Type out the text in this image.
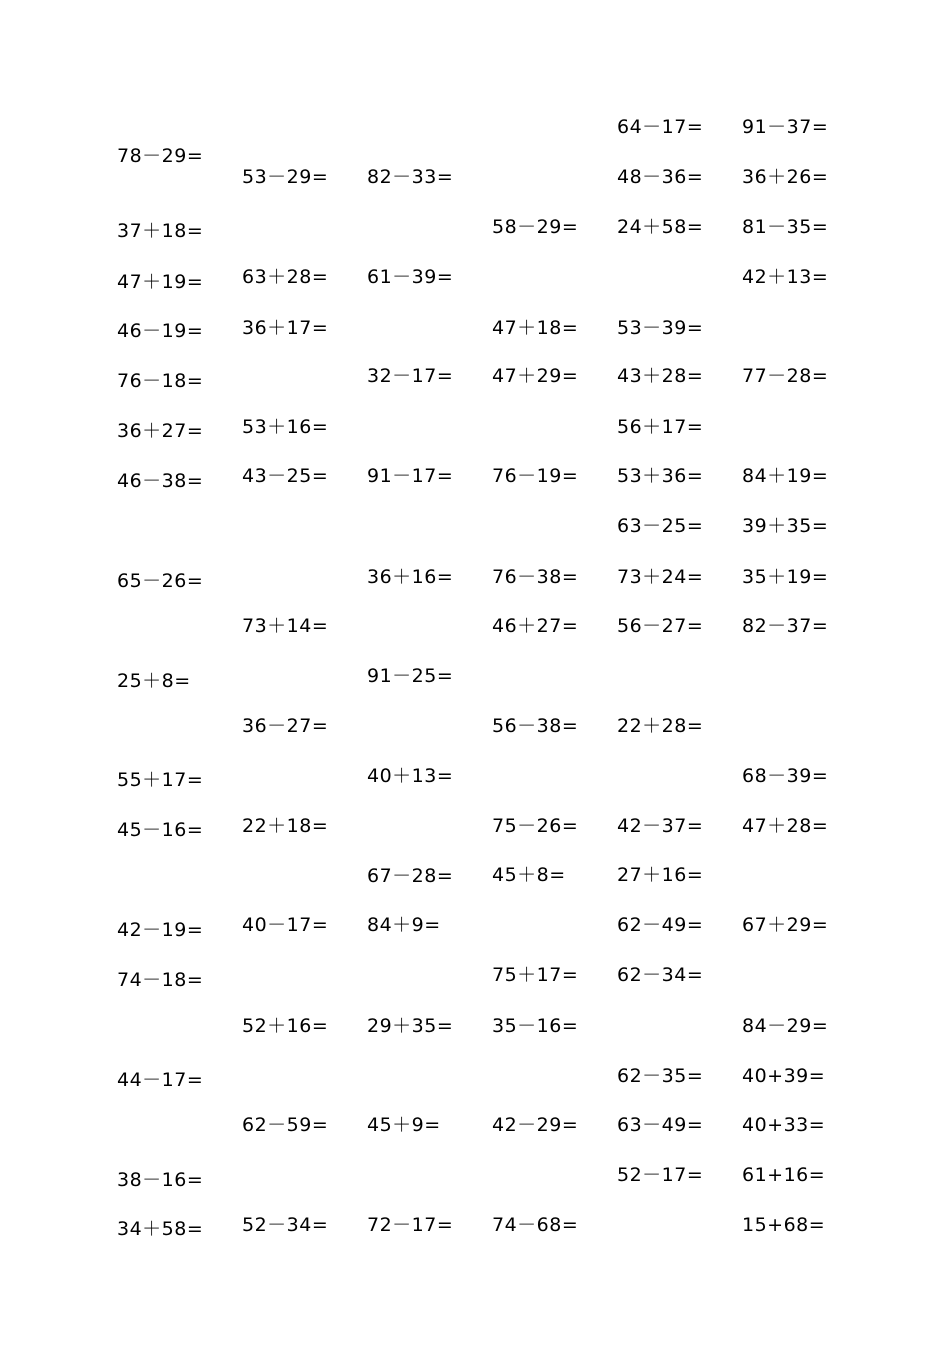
78－29=
37＋18=
47＋19=
46－19=
76－18=
36＋27=
46－38=
65－26=
25＋8=
55＋17=
45－16=
42－19=
74－18=
44－17=
38－16=
34＋58=
53－29=
63＋28=
36＋17=
53＋16=
43－25=
73＋14=
36－27=
22＋18=
40－17=
52＋16=
62－59=
52－34=
82－33=
61－39=
32－17=
91－17=
36＋16=
91－25=
40＋13=
67－28=
84＋9=
29＋35=
45＋9=
72－17=
58－29=
47＋18=
47＋29=
76－19=
76－38=
46＋27=
56－38=
75－26=
45＋8=
75＋17=
35－16=
42－29=
74－68=
64－17=
48－36=
24＋58=
53－39=
43＋28=
56＋17=
53＋36=
63－25=
73＋24=
56－27=
22＋28=
42－37=
27＋16=
62－49=
62－34=
62－35=
63－49=
52－17=
91－37=
36＋26=
81－35=
42＋13=
77－28=
84＋19=
39＋35=
35＋19=
82－37=
68－39=
47＋28=
67＋29=
84－29=
40+39=
40+33=
61+16=
15+68=
